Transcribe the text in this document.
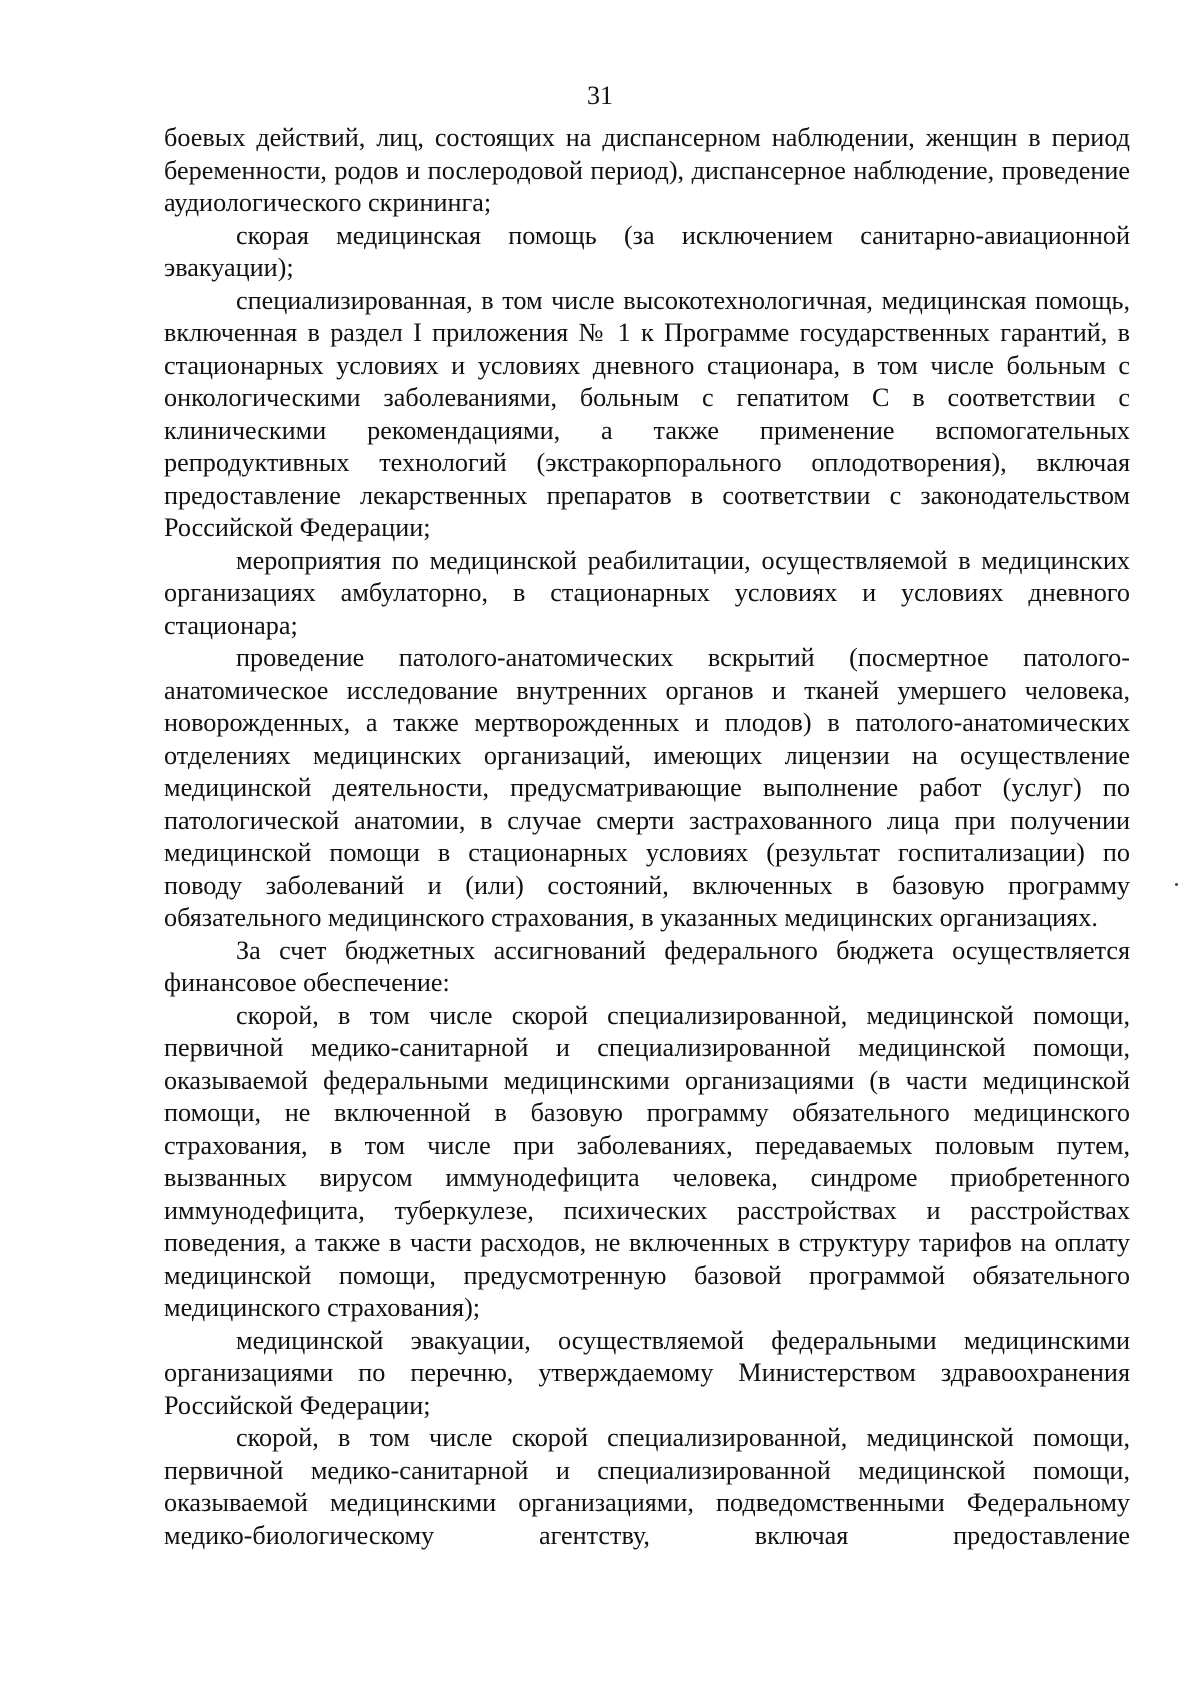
31

боевых действий, лиц, состоящих на диспансерном наблюдении, женщин в период беременности, родов и послеродовой период), диспансерное наблюдение, проведение аудиологического скрининга;

скорая медицинская помощь (за исключением санитарно-авиационной эвакуации);

специализированная, в том числе высокотехнологичная, медицинская помощь, включенная в раздел I приложения № 1 к Программе государственных гарантий, в стационарных условиях и условиях дневного стационара, в том числе больным с онкологическими заболеваниями, больным с гепатитом С в соответствии с клиническими рекомендациями, а также применение вспомогательных репродуктивных технологий (экстракорпорального оплодотворения), включая предоставление лекарственных препаратов в соответствии с законодательством Российской Федерации;

мероприятия по медицинской реабилитации, осуществляемой в медицинских организациях амбулаторно, в стационарных условиях и условиях дневного стационара;

проведение патолого-анатомических вскрытий (посмертное патолого-анатомическое исследование внутренних органов и тканей умершего человека, новорожденных, а также мертворожденных и плодов) в патолого-анатомических отделениях медицинских организаций, имеющих лицензии на осуществление медицинской деятельности, предусматривающие выполнение работ (услуг) по патологической анатомии, в случае смерти застрахованного лица при получении медицинской помощи в стационарных условиях (результат госпитализации) по поводу заболеваний и (или) состояний, включенных в базовую программу обязательного медицинского страхования, в указанных медицинских организациях.

За счет бюджетных ассигнований федерального бюджета осуществляется финансовое обеспечение:

скорой, в том числе скорой специализированной, медицинской помощи, первичной медико-санитарной и специализированной медицинской помощи, оказываемой федеральными медицинскими организациями (в части медицинской помощи, не включенной в базовую программу обязательного медицинского страхования, в том числе при заболеваниях, передаваемых половым путем, вызванных вирусом иммунодефицита человека, синдроме приобретенного иммунодефицита, туберкулезе, психических расстройствах и расстройствах поведения, а также в части расходов, не включенных в структуру тарифов на оплату медицинской помощи, предусмотренную базовой программой обязательного медицинского страхования);

медицинской эвакуации, осуществляемой федеральными медицинскими организациями по перечню, утверждаемому Министерством здравоохранения Российской Федерации;

скорой, в том числе скорой специализированной, медицинской помощи, первичной медико-санитарной и специализированной медицинской помощи, оказываемой медицинскими организациями, подведомственными Федеральному медико-биологическому агентству, включая предоставление
